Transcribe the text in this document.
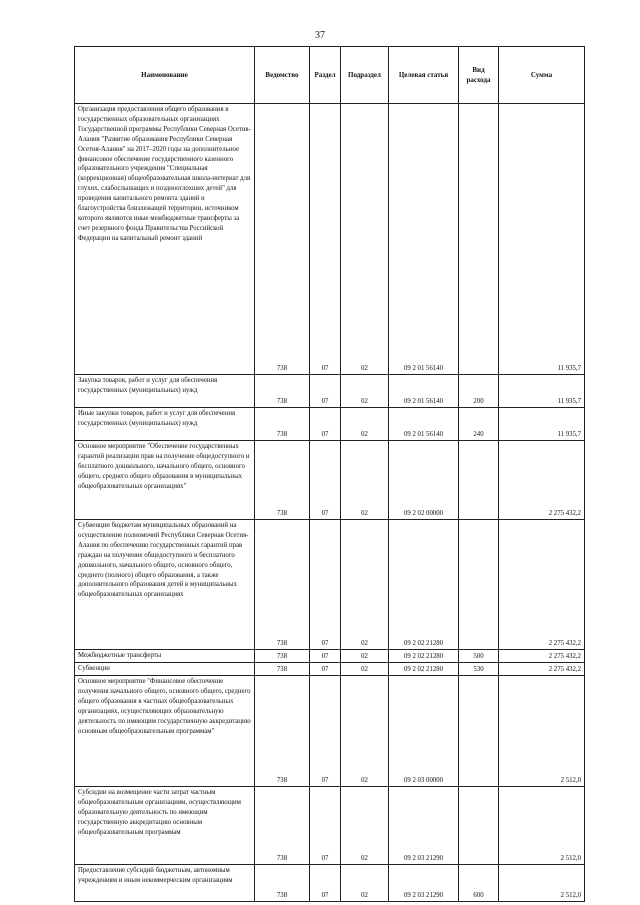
37
Наименование	Ведомство	Раздел	Подраздел	Целевая статья	Вид расхода	Сумма
Организация предоставления общего образования в государственных образовательных организациях Государственной программы Республики Северная Осетия-Алания "Развитие образования Республики Северная Осетия-Алания" на 2017–2020 годы на дополнительное финансовое обеспечение государственного казенного образовательного учреждения "Специальная (коррекционная) общеобразовательная школа-интернат для глухих, слабослышащих и позднооглохших детей" для проведения капитального ремонта зданий и благоустройства близлежащей территории, источником которого являются иные межбюджетные трансферты за счет резервного фонда Правительства Российской Федерации на капитальный ремонт зданий	738	07	02	09 2 01 56140		11 935,7
Закупка товаров, работ и услуг для обеспечения государственных (муниципальных) нужд	738	07	02	09 2 01 56140	200	11 935,7
Иные закупки товаров, работ и услуг для обеспечения государственных (муниципальных) нужд	738	07	02	09 2 01 56140	240	11 935,7
Основное мероприятие "Обеспечение государственных гарантий реализации прав на получение общедоступного и бесплатного дошкольного, начального общего, основного общего, среднего общего образования в муниципальных общеобразовательных организациях"	738	07	02	09 2 02 00000		2 275 432,2
Субвенции бюджетам муниципальных образований на осуществление полномочий Республики Северная Осетия-Алания по обеспечению государственных гарантий прав граждан на получение общедоступного и бесплатного дошкольного, начального общего, основного общего, среднего (полного) общего образования, а также дополнительного образования детей в муниципальных общеобразовательных организациях	738	07	02	09 2 02 21280		2 275 432,2
Межбюджетные трансферты	738	07	02	09 2 02 21280	500	2 275 432,2
Субвенции	738	07	02	09 2 02 21280	530	2 275 432,2
Основное мероприятие "Финансовое обеспечение получения начального общего, основного общего, среднего общего образования в частных общеобразовательных организациях, осуществляющих образовательную деятельность по имеющим государственную аккредитацию основным общеобразовательным программам"	738	07	02	09 2 03 00000		2 512,0
Субсидии на возмещение части затрат частным общеобразовательным организациям, осуществляющим образовательную деятельность по имеющим государственную аккредитацию основным общеобразовательным программам	738	07	02	09 2 03 21290		2 512,0
Предоставление субсидий бюджетным, автономным учреждениям и иным некоммерческим организациям	738	07	02	09 2 03 21290	600	2 512,0
